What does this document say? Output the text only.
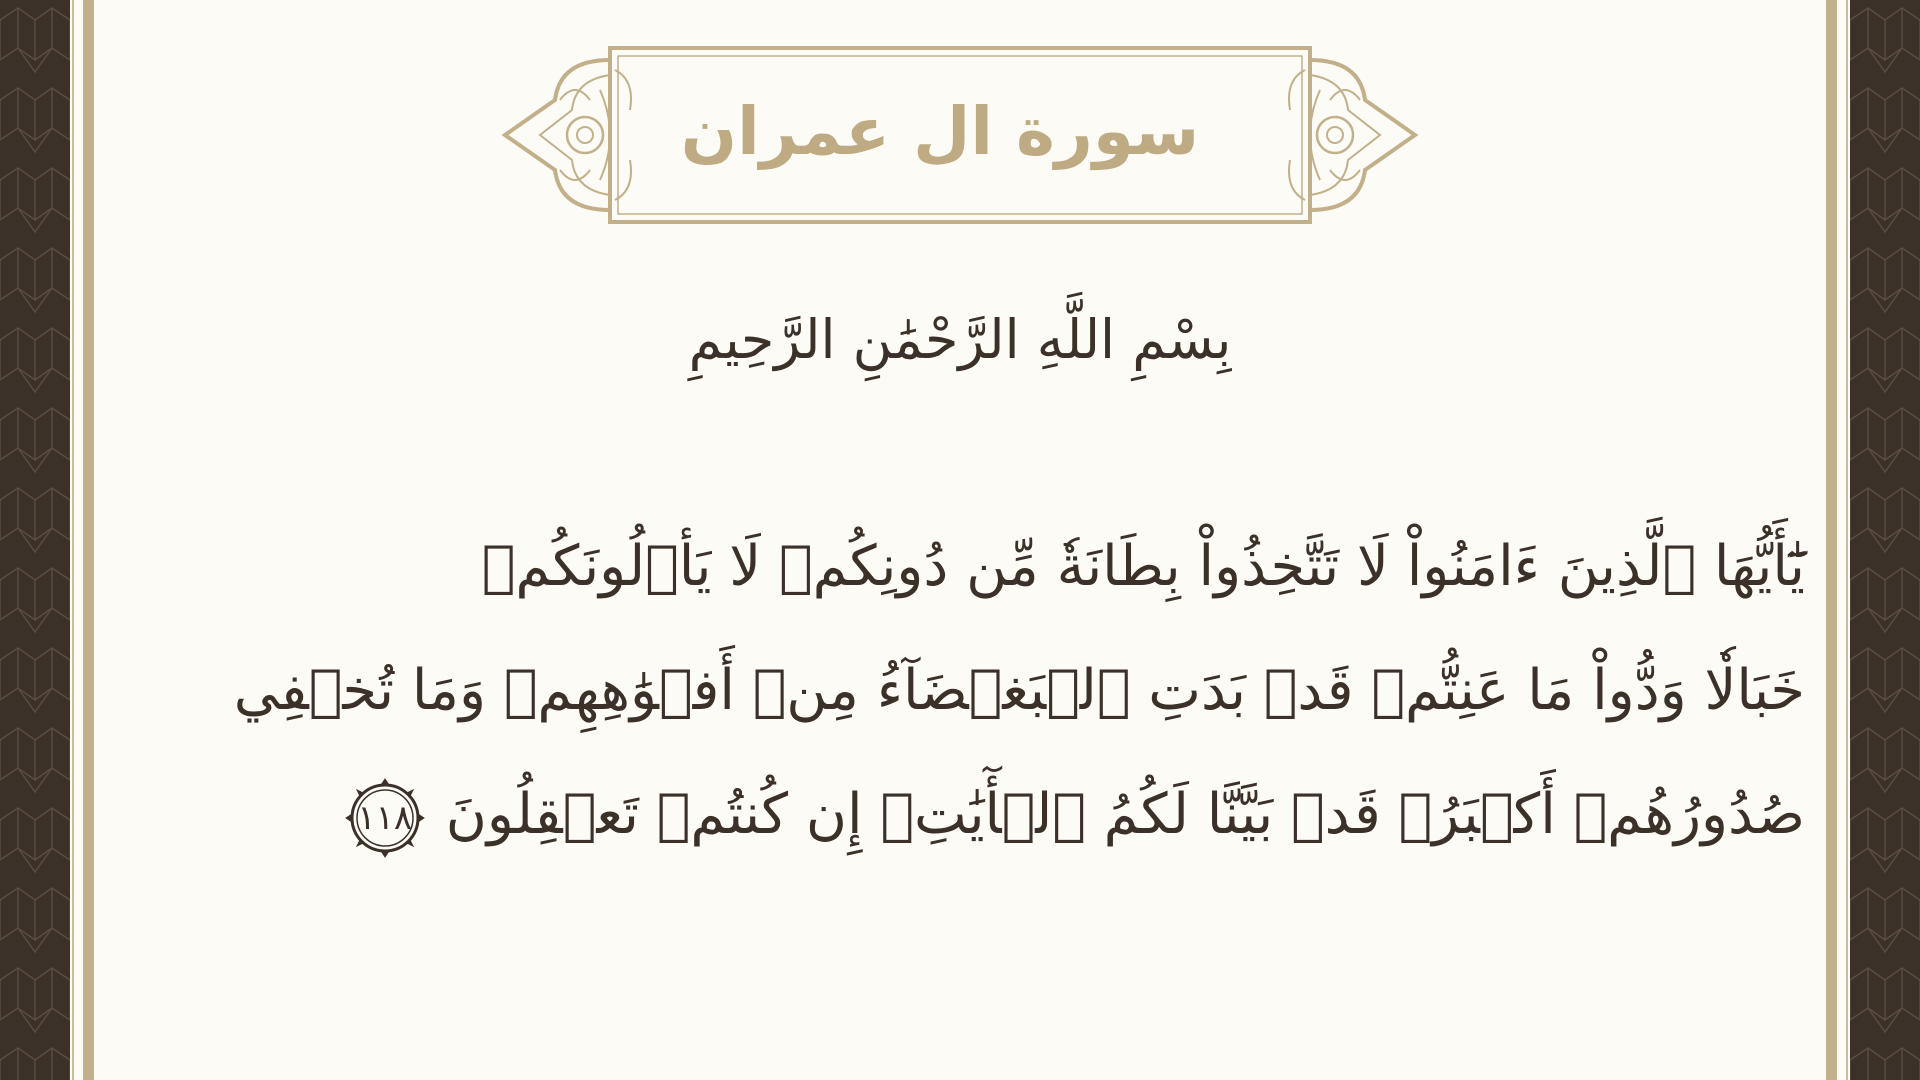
سورة ال عمران

بِسْمِ اللَّهِ الرَّحْمَٰنِ الرَّحِيمِ

يَٰٓأَيُّهَا ٱلَّذِينَ ءَامَنُواْ لَا تَتَّخِذُواْ بِطَانَةٗ مِّن دُونِكُمۡ لَا يَأۡلُونَكُمۡ
خَبَالٗا وَدُّواْ مَا عَنِتُّمۡ قَدۡ بَدَتِ ٱلۡبَغۡضَآءُ مِنۡ أَفۡوَٰهِهِمۡ وَمَا تُخۡفِي
صُدُورُهُمۡ أَكۡبَرُۚ قَدۡ بَيَّنَّا لَكُمُ ٱلۡأٓيَٰتِۖ إِن كُنتُمۡ تَعۡقِلُونَ
١١٨
